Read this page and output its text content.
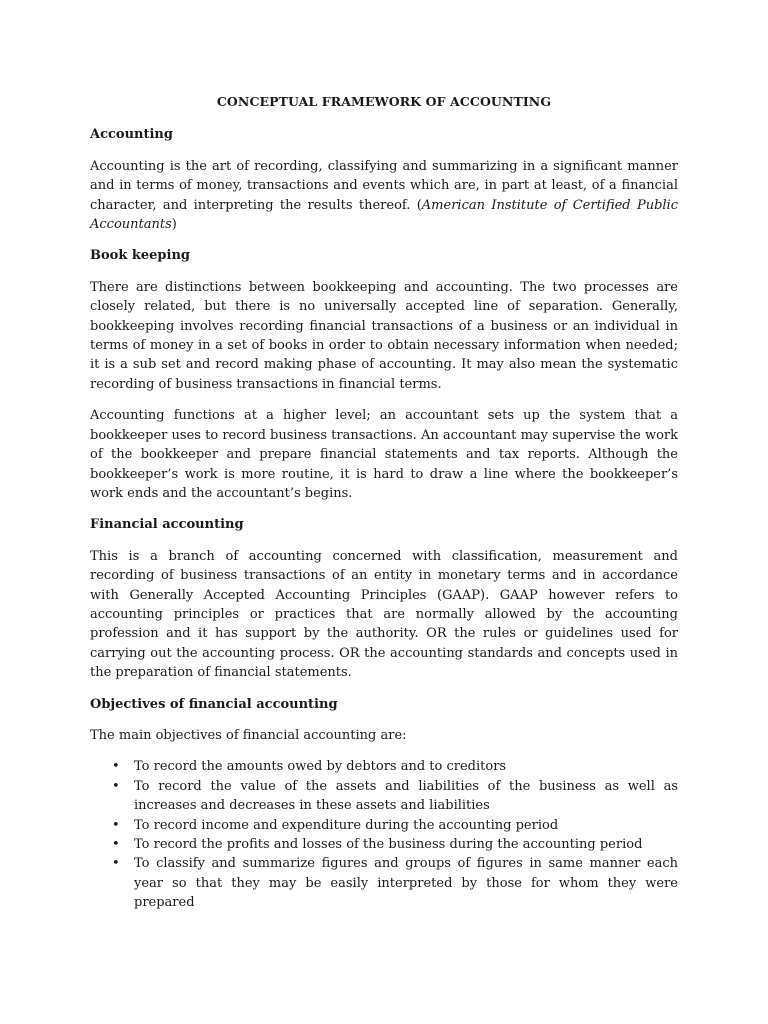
CONCEPTUAL FRAMEWORK OF ACCOUNTING
Accounting

Accounting is the art of recording, classifying and summarizing in a significant manner and in terms of money, transactions and events which are, in part at least, of a financial character, and interpreting the results thereof. (American Institute of Certified Public Accountants)

Book keeping

There are distinctions between bookkeeping and accounting. The two processes are closely related, but there is no universally accepted line of separation. Generally, bookkeeping involves recording financial transactions of a business or an individual in terms of money in a set of books in order to obtain necessary information when needed; it is a sub set and record making phase of accounting. It may also mean the systematic recording of business transactions in financial terms.

Accounting functions at a higher level; an accountant sets up the system that a bookkeeper uses to record business transactions. An accountant may supervise the work of the bookkeeper and prepare financial statements and tax reports. Although the bookkeeper’s work is more routine, it is hard to draw a line where the bookkeeper’s work ends and the accountant’s begins.

Financial accounting

This is a branch of accounting concerned with classification, measurement and recording of business transactions of an entity in monetary terms and in accordance with Generally Accepted Accounting Principles (GAAP). GAAP however refers to accounting principles or practices that are normally allowed by the accounting profession and it has support by the authority. OR the rules or guidelines used for carrying out the accounting process. OR the accounting standards and concepts used in the preparation of financial statements.

Objectives of financial accounting

The main objectives of financial accounting are:

• To record the amounts owed by debtors and to creditors
• To record the value of the assets and liabilities of the business as well as increases and decreases in these assets and liabilities
• To record income and expenditure during the accounting period
• To record the profits and losses of the business during the accounting period
• To classify and summarize figures and groups of figures in same manner each year so that they may be easily interpreted by those for whom they were prepared
